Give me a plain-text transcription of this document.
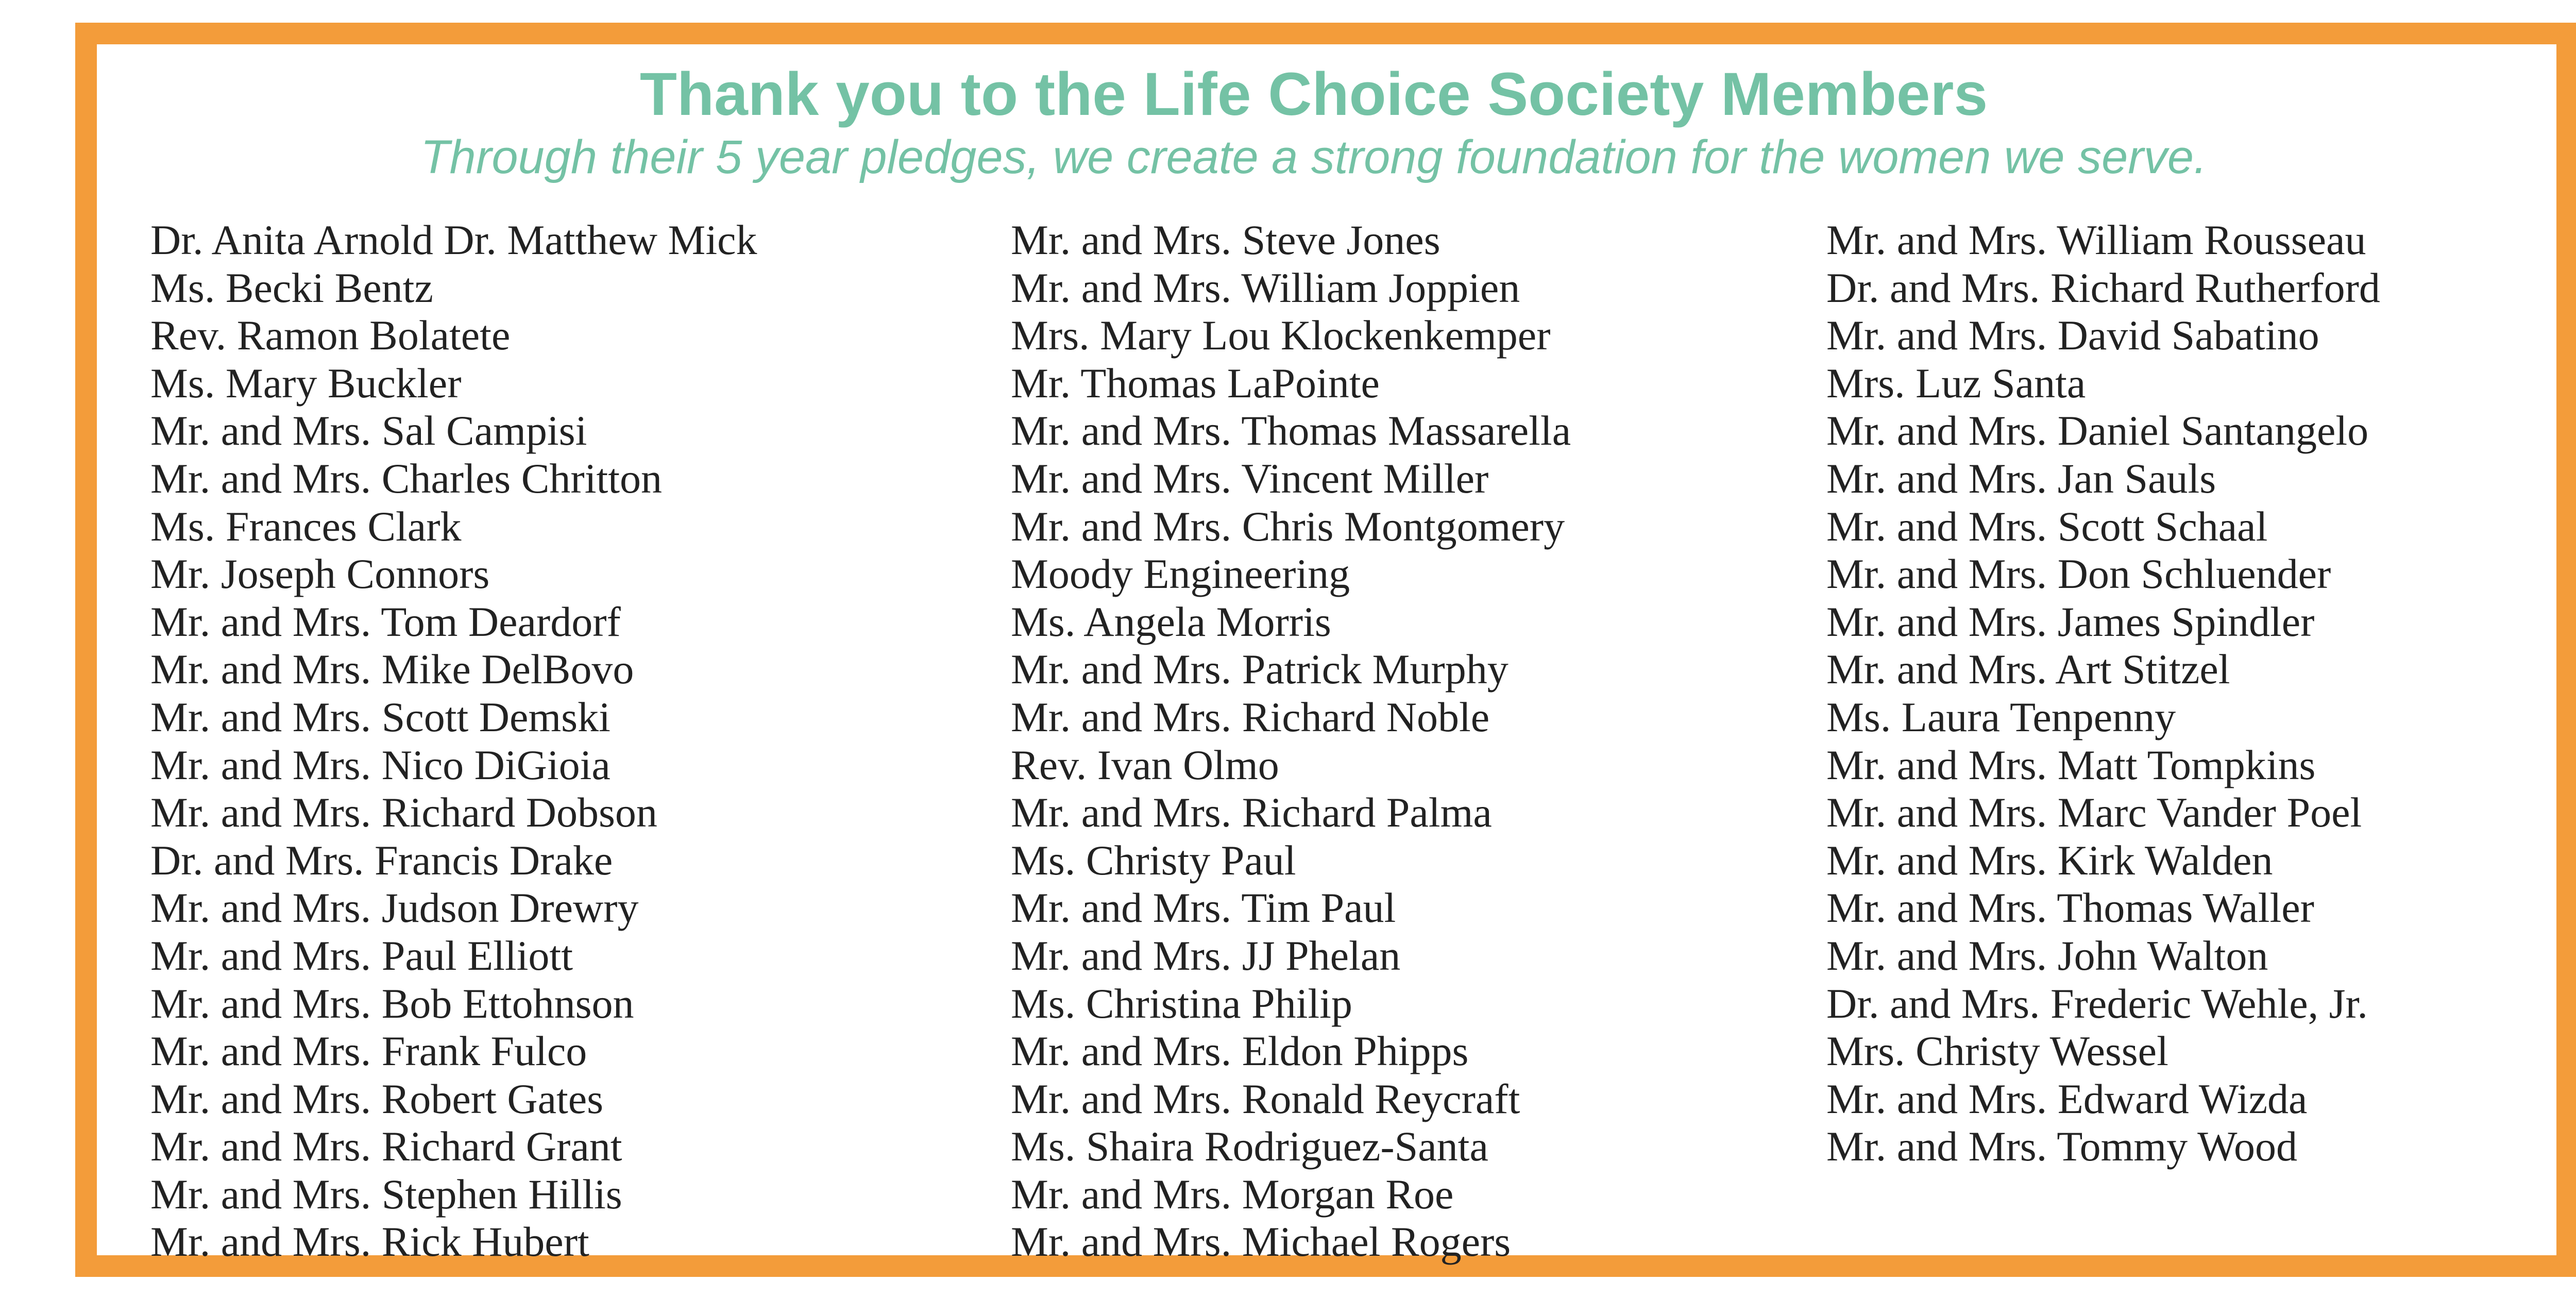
Thank you to the Life Choice Society Members

Through their 5 year pledges, we create a strong foundation for the women we serve.

Dr. Anita Arnold Dr. Matthew Mick
Ms. Becki Bentz
Rev. Ramon Bolatete
Ms. Mary Buckler
Mr. and Mrs. Sal Campisi
Mr. and Mrs. Charles Chritton
Ms. Frances Clark
Mr. Joseph Connors
Mr. and Mrs. Tom Deardorf
Mr. and Mrs. Mike DelBovo
Mr. and Mrs. Scott Demski
Mr. and Mrs. Nico DiGioia
Mr. and Mrs. Richard Dobson
Dr. and Mrs. Francis Drake
Mr. and Mrs. Judson Drewry
Mr. and Mrs. Paul Elliott
Mr. and Mrs. Bob Ettohnson
Mr. and Mrs. Frank Fulco
Mr. and Mrs. Robert Gates
Mr. and Mrs. Richard Grant
Mr. and Mrs. Stephen Hillis
Mr. and Mrs. Rick Hubert
Mr. and Mrs. Steve Jones
Mr. and Mrs. William Joppien
Mrs. Mary Lou Klockenkemper
Mr. Thomas LaPointe
Mr. and Mrs. Thomas Massarella
Mr. and Mrs. Vincent Miller
Mr. and Mrs. Chris Montgomery
Moody Engineering
Ms. Angela Morris
Mr. and Mrs. Patrick Murphy
Mr. and Mrs. Richard Noble
Rev. Ivan Olmo
Mr. and Mrs. Richard Palma
Ms. Christy Paul
Mr. and Mrs. Tim Paul
Mr. and Mrs. JJ Phelan
Ms. Christina Philip
Mr. and Mrs. Eldon Phipps
Mr. and Mrs. Ronald Reycraft
Ms. Shaira Rodriguez-Santa
Mr. and Mrs. Morgan Roe
Mr. and Mrs. Michael Rogers
Mr. and Mrs. William Rousseau
Dr. and Mrs. Richard Rutherford
Mr. and Mrs. David Sabatino
Mrs. Luz Santa
Mr. and Mrs. Daniel Santangelo
Mr. and Mrs. Jan Sauls
Mr. and Mrs. Scott Schaal
Mr. and Mrs. Don Schluender
Mr. and Mrs. James Spindler
Mr. and Mrs. Art Stitzel
Ms. Laura Tenpenny
Mr. and Mrs. Matt Tompkins
Mr. and Mrs. Marc Vander Poel
Mr. and Mrs. Kirk Walden
Mr. and Mrs. Thomas Waller
Mr. and Mrs. John Walton
Dr. and Mrs. Frederic Wehle, Jr.
Mrs. Christy Wessel
Mr. and Mrs. Edward Wizda
Mr. and Mrs. Tommy Wood
